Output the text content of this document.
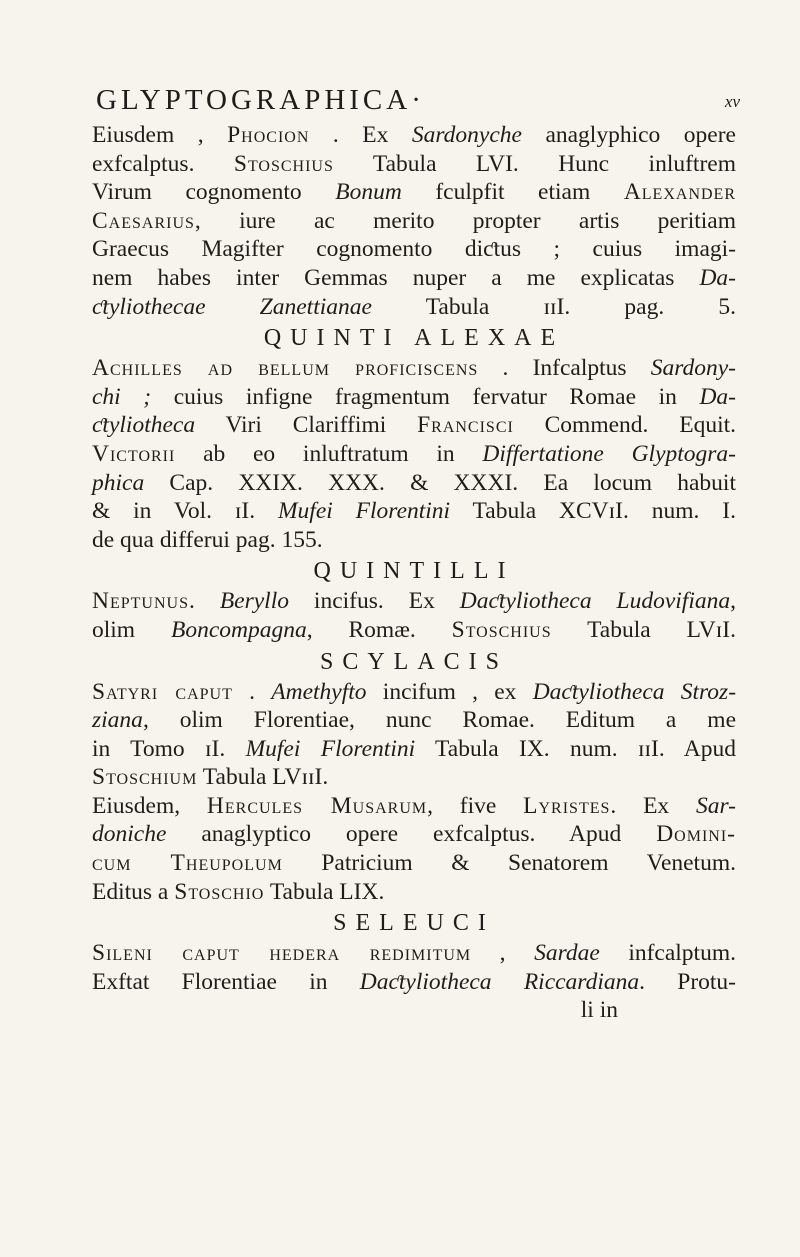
GLYPTOGRAPHICA·	xv
Eiusdem , Phocion . Ex Sardonyche anaglyphico opere
exfcalptus. Stoschius Tabula LVI. Hunc inluftrem
Virum cognomento Bonum fculpfit etiam Alexander
Caesarius, iure ac merito propter artis peritiam
Graecus Magifter cognomento diƈtus ; cuius imagi-
nem habes inter Gemmas nuper a me explicatas Da-
ƈtyliothecae Zanettianae Tabula ɪɪI. pag. 5.
QUINTI ALEXAE
Achilles ad bellum proficiscens . Infcalptus Sardony-
chi ; cuius infigne fragmentum fervatur Romae in Da-
ƈtyliotheca Viri Clariffimi Francisci Commend. Equit.
Victorii ab eo inluftratum in Differtatione Glyptogra-
phica Cap. XXIX. XXX. & XXXI. Ea locum habuit
& in Vol. ɪI. Mufei Florentini Tabula XCVɪI. num. I.
de qua differui pag. 155.
QUINTILLI
Neptunus. Beryllo incifus. Ex Daƈtyliotheca Ludovifiana,
olim Boncompagna, Romæ. Stoschius Tabula LVɪI.
SCYLACIS
Satyri caput . Amethyfto incifum , ex Daƈtyliotheca Stroz-
ziana, olim Florentiae, nunc Romae. Editum a me
in Tomo ɪI. Mufei Florentini Tabula IX. num. ɪɪI. Apud
Stoschium Tabula LVɪɪI.
Eiusdem, Hercules Musarum, five Lyristes. Ex Sar-
doniche anaglyptico opere exfcalptus. Apud Domini-
cum Theupolum Patricium & Senatorem Venetum.
Editus a Stoschio Tabula LIX.
SELEUCI
Sileni caput hedera redimitum , Sardae infcalptum.
Exftat Florentiae in Daƈtyliotheca Riccardiana. Protu-
li in
